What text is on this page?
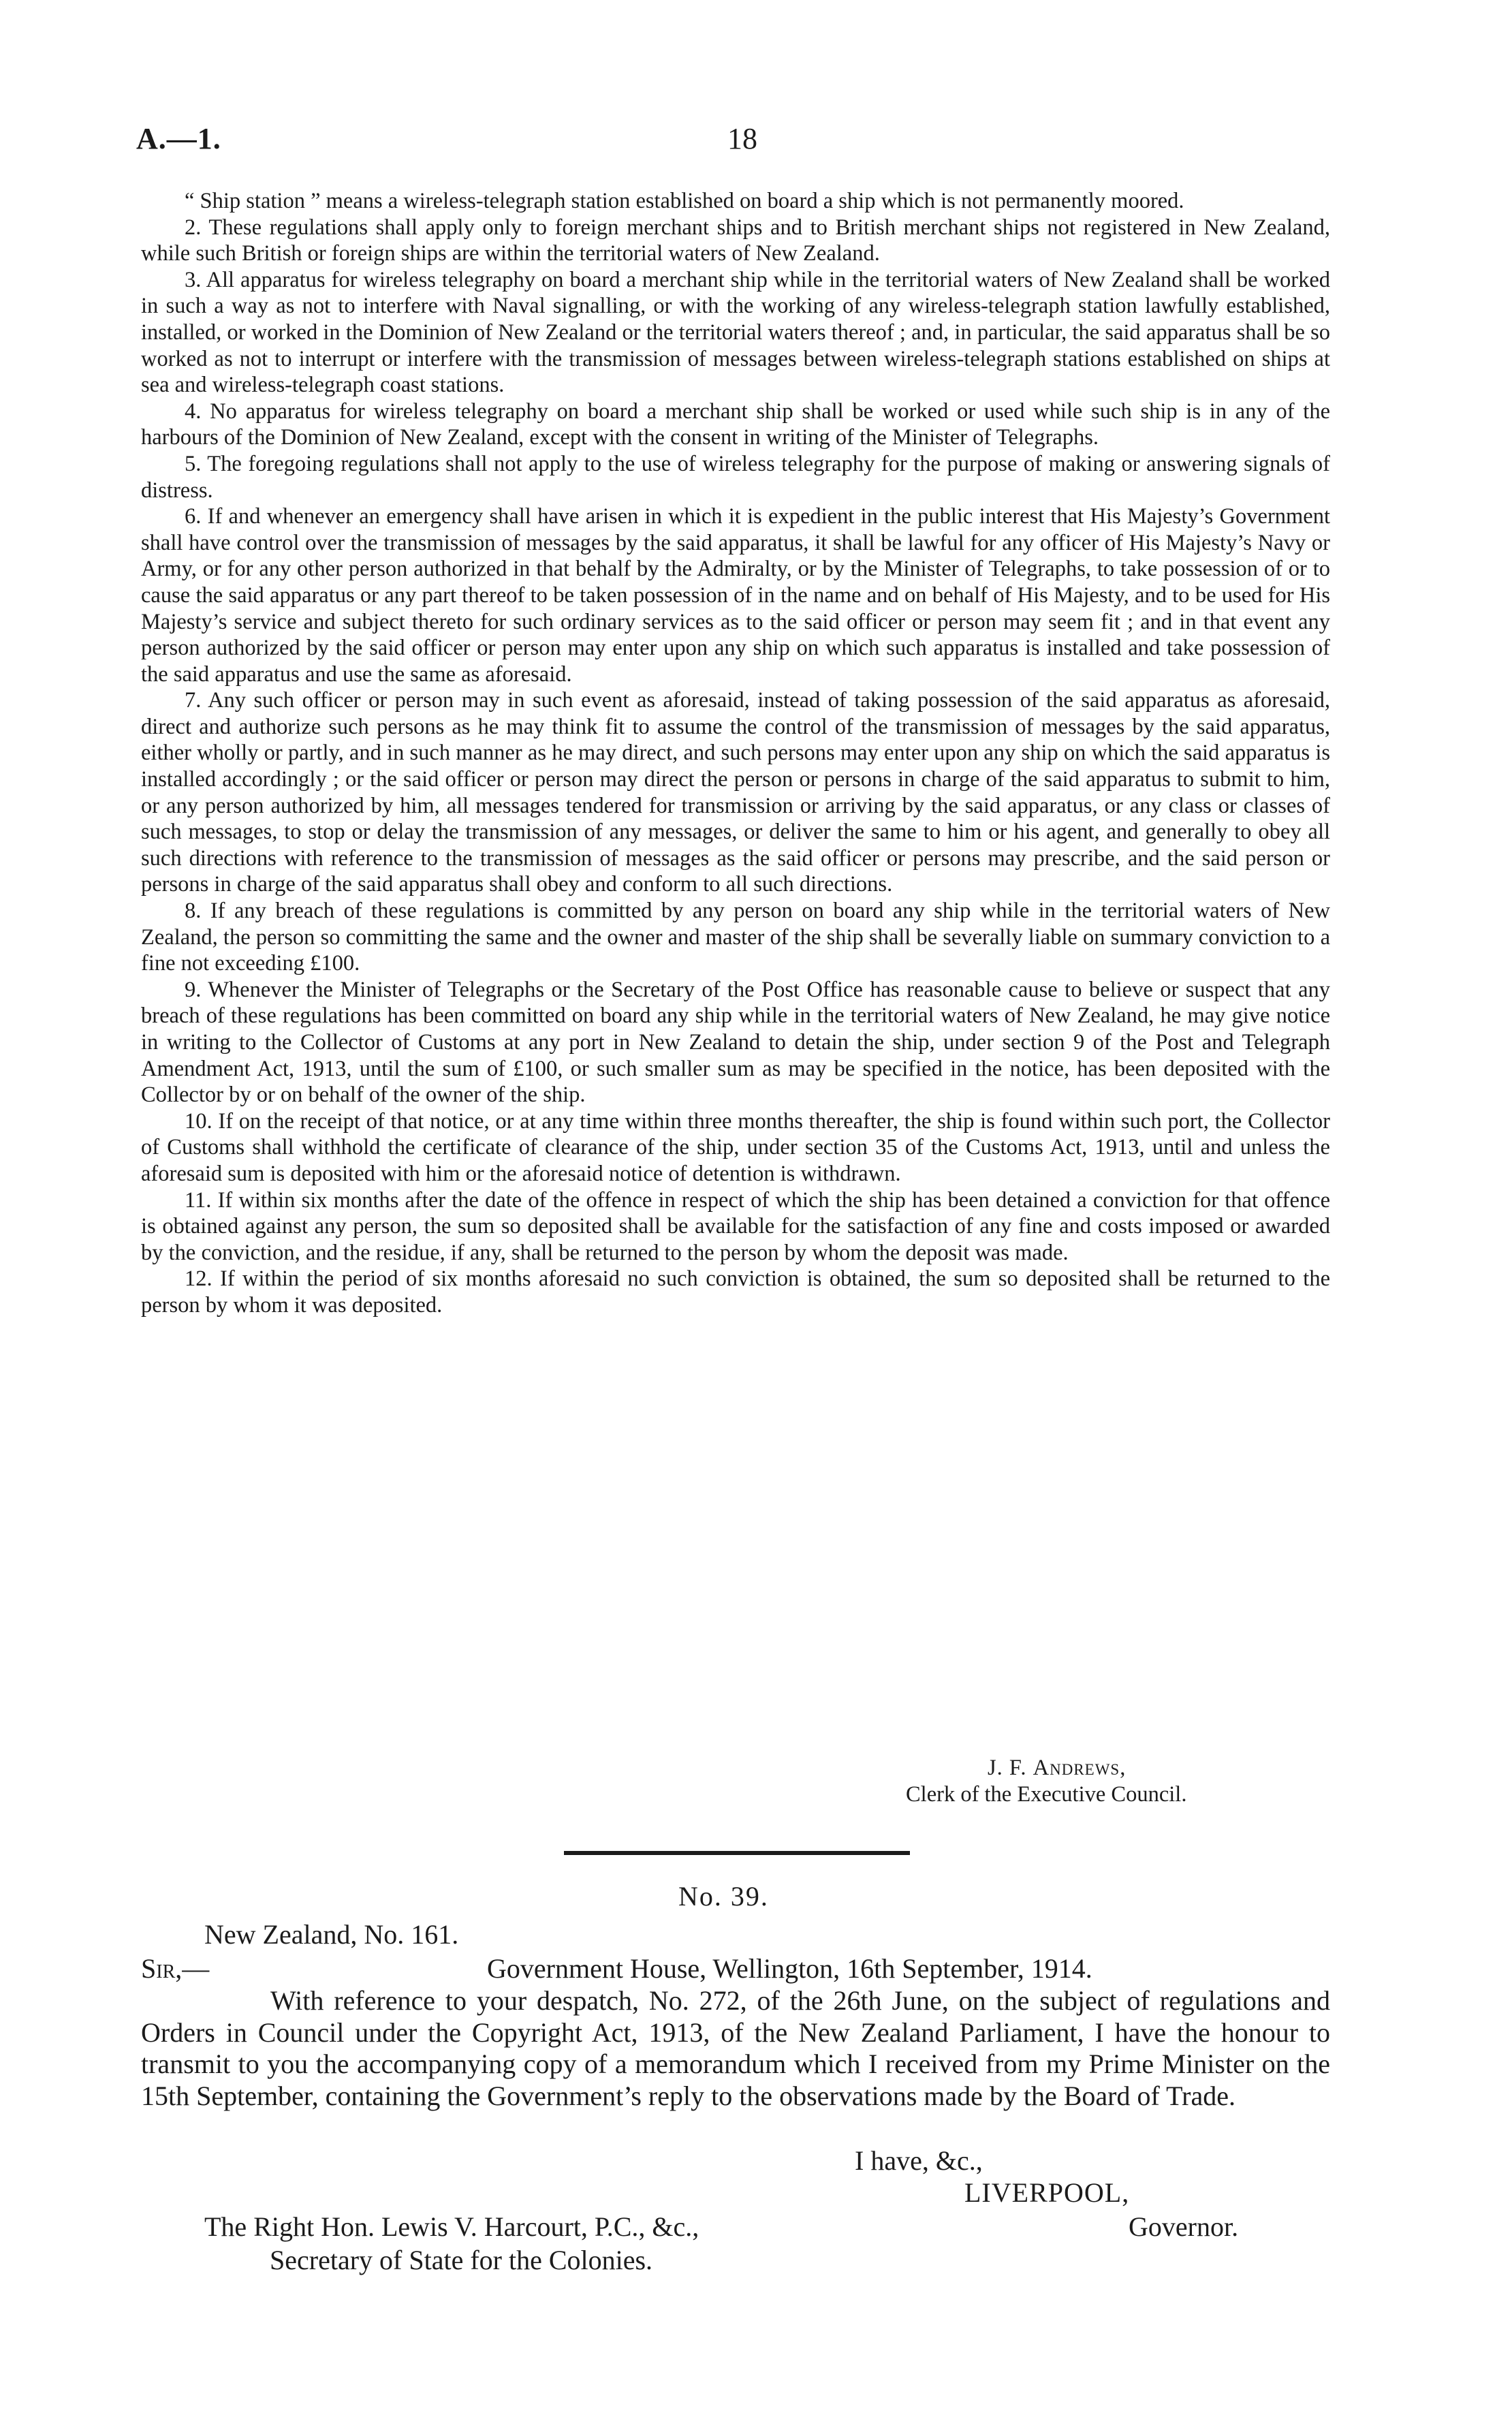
A.—1.	18

“ Ship station ” means a wireless-telegraph station established on board a ship which is not permanently moored.

2. These regulations shall apply only to foreign merchant ships and to British merchant ships not registered in New Zealand, while such British or foreign ships are within the territorial waters of New Zealand.

3. All apparatus for wireless telegraphy on board a merchant ship while in the territorial waters of New Zealand shall be worked in such a way as not to interfere with Naval signalling, or with the working of any wireless-telegraph station lawfully established, installed, or worked in the Dominion of New Zealand or the territorial waters thereof ; and, in particular, the said apparatus shall be so worked as not to interrupt or interfere with the transmission of messages between wireless-telegraph stations established on ships at sea and wireless-telegraph coast stations.

4. No apparatus for wireless telegraphy on board a merchant ship shall be worked or used while such ship is in any of the harbours of the Dominion of New Zealand, except with the consent in writing of the Minister of Telegraphs.

5. The foregoing regulations shall not apply to the use of wireless telegraphy for the purpose of making or answering signals of distress.

6. If and whenever an emergency shall have arisen in which it is expedient in the public interest that His Majesty’s Government shall have control over the transmission of messages by the said apparatus, it shall be lawful for any officer of His Majesty’s Navy or Army, or for any other person authorized in that behalf by the Admiralty, or by the Minister of Telegraphs, to take possession of or to cause the said apparatus or any part thereof to be taken possession of in the name and on behalf of His Majesty, and to be used for His Majesty’s service and subject thereto for such ordinary services as to the said officer or person may seem fit ; and in that event any person authorized by the said officer or person may enter upon any ship on which such apparatus is installed and take possession of the said apparatus and use the same as aforesaid.

7. Any such officer or person may in such event as aforesaid, instead of taking possession of the said apparatus as aforesaid, direct and authorize such persons as he may think fit to assume the control of the transmission of messages by the said apparatus, either wholly or partly, and in such manner as he may direct, and such persons may enter upon any ship on which the said apparatus is installed accordingly ; or the said officer or person may direct the person or persons in charge of the said apparatus to submit to him, or any person authorized by him, all messages tendered for transmission or arriving by the said apparatus, or any class or classes of such messages, to stop or delay the transmission of any messages, or deliver the same to him or his agent, and generally to obey all such directions with reference to the transmission of messages as the said officer or persons may prescribe, and the said person or persons in charge of the said apparatus shall obey and conform to all such directions.

8. If any breach of these regulations is committed by any person on board any ship while in the territorial waters of New Zealand, the person so committing the same and the owner and master of the ship shall be severally liable on summary conviction to a fine not exceeding £100.

9. Whenever the Minister of Telegraphs or the Secretary of the Post Office has reasonable cause to believe or suspect that any breach of these regulations has been committed on board any ship while in the territorial waters of New Zealand, he may give notice in writing to the Collector of Customs at any port in New Zealand to detain the ship, under section 9 of the Post and Telegraph Amendment Act, 1913, until the sum of £100, or such smaller sum as may be specified in the notice, has been deposited with the Collector by or on behalf of the owner of the ship.

10. If on the receipt of that notice, or at any time within three months thereafter, the ship is found within such port, the Collector of Customs shall withhold the certificate of clearance of the ship, under section 35 of the Customs Act, 1913, until and unless the aforesaid sum is deposited with him or the aforesaid notice of detention is withdrawn.

11. If within six months after the date of the offence in respect of which the ship has been detained a conviction for that offence is obtained against any person, the sum so deposited shall be available for the satisfaction of any fine and costs imposed or awarded by the conviction, and the residue, if any, shall be returned to the person by whom the deposit was made.

12. If within the period of six months aforesaid no such conviction is obtained, the sum so deposited shall be returned to the person by whom it was deposited.

J. F. Andrews,
Clerk of the Executive Council.
No. 39.
New Zealand, No. 161.
Sir,—	Government House, Wellington, 16th September, 1914.

With reference to your despatch, No. 272, of the 26th June, on the subject of regulations and Orders in Council under the Copyright Act, 1913, of the New Zealand Parliament, I have the honour to transmit to you the accompanying copy of a memorandum which I received from my Prime Minister on the 15th September, containing the Government’s reply to the observations made by the Board of Trade.

I have, &c.,
LIVERPOOL,
The Right Hon. Lewis V. Harcourt, P.C., &c.,	Governor.
Secretary of State for the Colonies.
